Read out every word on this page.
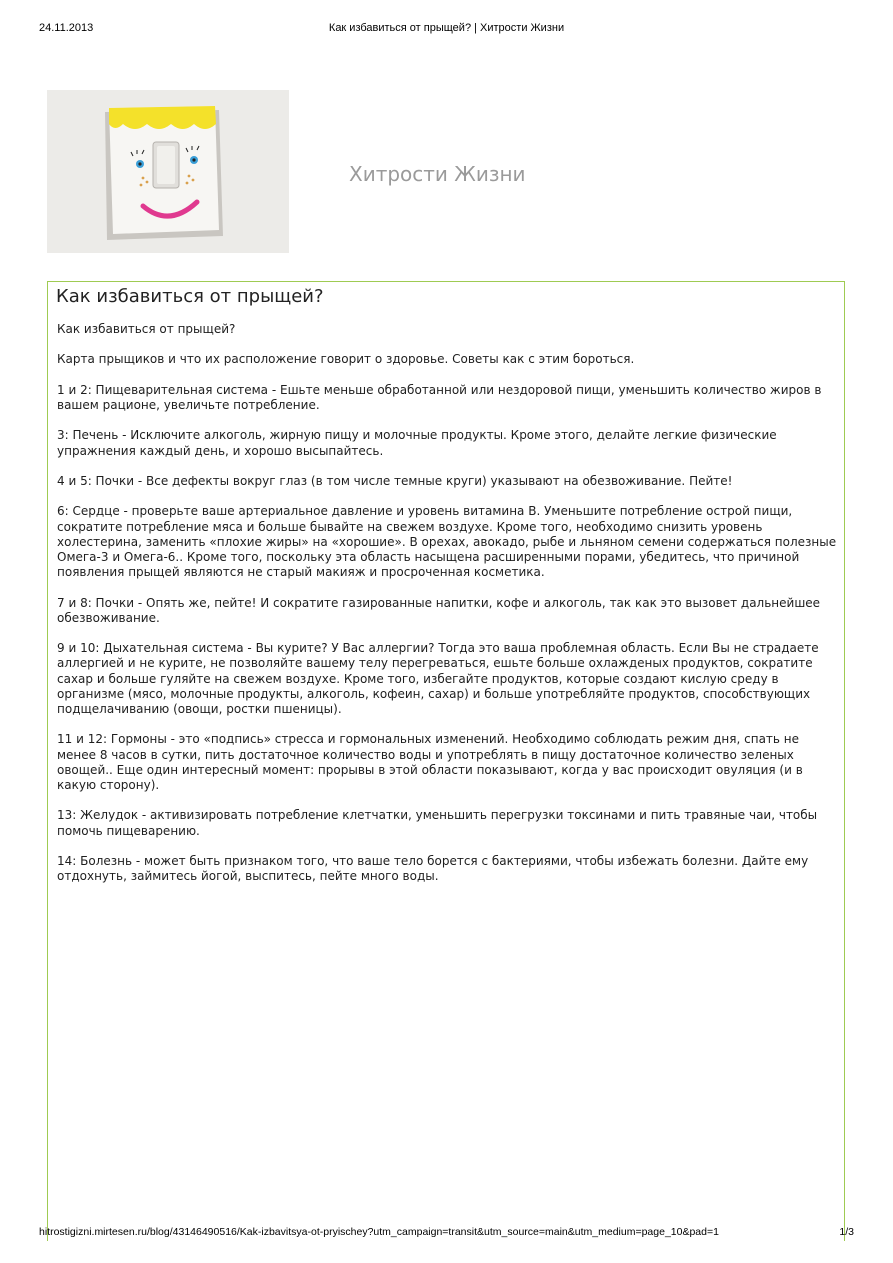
24.11.2013	Как избавиться от прыщей? | Хитрости Жизни
Хитрости Жизни
Как избавиться от прыщей?

Как избавиться от прыщей?

Карта прыщиков и что их расположение говорит о здоровье. Советы как с этим бороться.

1 и 2: Пищеварительная система - Ешьте меньше обработанной или нездоровой пищи, уменьшить количество жиров в вашем рационе, увеличьте потребление.

3: Печень - Исключите алкоголь, жирную пищу и молочные продукты. Кроме этого, делайте легкие физические упражнения каждый день, и хорошо высыпайтесь.

4 и 5: Почки - Все дефекты вокруг глаз (в том числе темные круги) указывают на обезвоживание. Пейте!

6: Сердце - проверьте ваше артериальное давление и уровень витамина B. Уменьшите потребление острой пищи, сократите потребление мяса и больше бывайте на свежем воздухе. Кроме того, необходимо снизить уровень холестерина, заменить «плохие жиры» на «хорошие». В орехах, авокадо, рыбе и льняном семени содержаться полезные Омега-3 и Омега-6.. Кроме того, поскольку эта область насыщена расширенными порами, убедитесь, что причиной появления прыщей являются не старый макияж и просроченная косметика.

7 и 8: Почки - Опять же, пейте! И сократите газированные напитки, кофе и алкоголь, так как это вызовет дальнейшее обезвоживание.

9 и 10: Дыхательная система - Вы курите? У Вас аллергии? Тогда это ваша проблемная область. Если Вы не страдаете аллергией и не курите, не позволяйте вашему телу перегреваться, ешьте больше охлажденых продуктов, сократите сахар и больше гуляйте на свежем воздухе. Кроме того, избегайте продуктов, которые создают кислую среду в организме (мясо, молочные продукты, алкоголь, кофеин, сахар) и больше употребляйте продуктов, способствующих подщелачиванию (овощи, ростки пшеницы).

11 и 12: Гормоны - это «подпись» стресса и гормональных изменений. Необходимо соблюдать режим дня, спать не менее 8 часов в сутки, пить достаточное количество воды и употреблять в пищу достаточное количество зеленых овощей.. Еще один интересный момент: прорывы в этой области показывают, когда у вас происходит овуляция (и в какую сторону).

13: Желудок - активизировать потребление клетчатки, уменьшить перегрузки токсинами и пить травяные чаи, чтобы помочь пищеварению.

14: Болезнь - может быть признаком того, что ваше тело борется с бактериями, чтобы избежать болезни. Дайте ему отдохнуть, займитесь йогой, выспитесь, пейте много воды.

hitrostigizni.mirtesen.ru/blog/43146490516/Kak-izbavitsya-ot-pryischey?utm_campaign=transit&utm_source=main&utm_medium=page_10&pad=1	1/3
